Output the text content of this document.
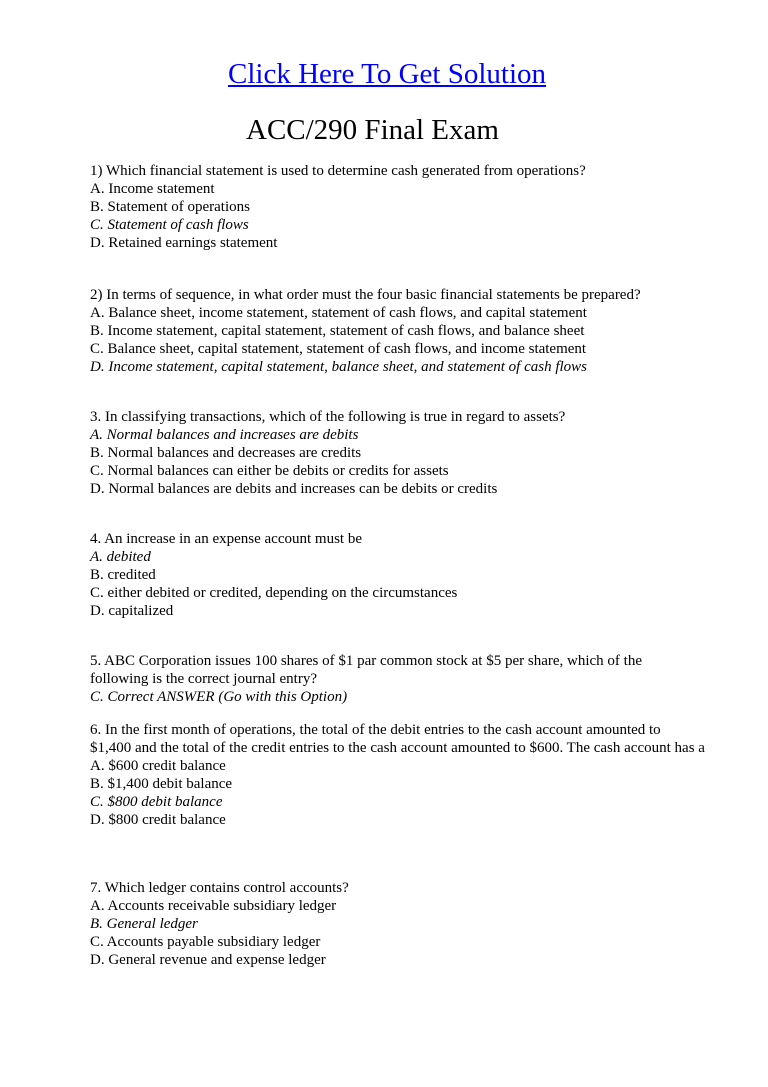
Click Here To Get Solution
ACC/290 Final Exam
1) Which financial statement is used to determine cash generated from operations?
A. Income statement
B. Statement of operations
C. Statement of cash flows
D. Retained earnings statement
2) In terms of sequence, in what order must the four basic financial statements be prepared?
A. Balance sheet, income statement, statement of cash flows, and capital statement
B. Income statement, capital statement, statement of cash flows, and balance sheet
C. Balance sheet, capital statement, statement of cash flows, and income statement
D. Income statement, capital statement, balance sheet, and statement of cash flows
3. In classifying transactions, which of the following is true in regard to assets?
A. Normal balances and increases are debits
B. Normal balances and decreases are credits
C. Normal balances can either be debits or credits for assets
D. Normal balances are debits and increases can be debits or credits
4. An increase in an expense account must be
A. debited
B. credited
C. either debited or credited, depending on the circumstances
D. capitalized
5. ABC Corporation issues 100 shares of $1 par common stock at $5 per share, which of the following is the correct journal entry?
C. Correct ANSWER (Go with this Option)
6. In the first month of operations, the total of the debit entries to the cash account amounted to $1,400 and the total of the credit entries to the cash account amounted to $600. The cash account has a
A. $600 credit balance
B. $1,400 debit balance
C. $800 debit balance
D. $800 credit balance
7. Which ledger contains control accounts?
A. Accounts receivable subsidiary ledger
B. General ledger
C. Accounts payable subsidiary ledger
D. General revenue and expense ledger
